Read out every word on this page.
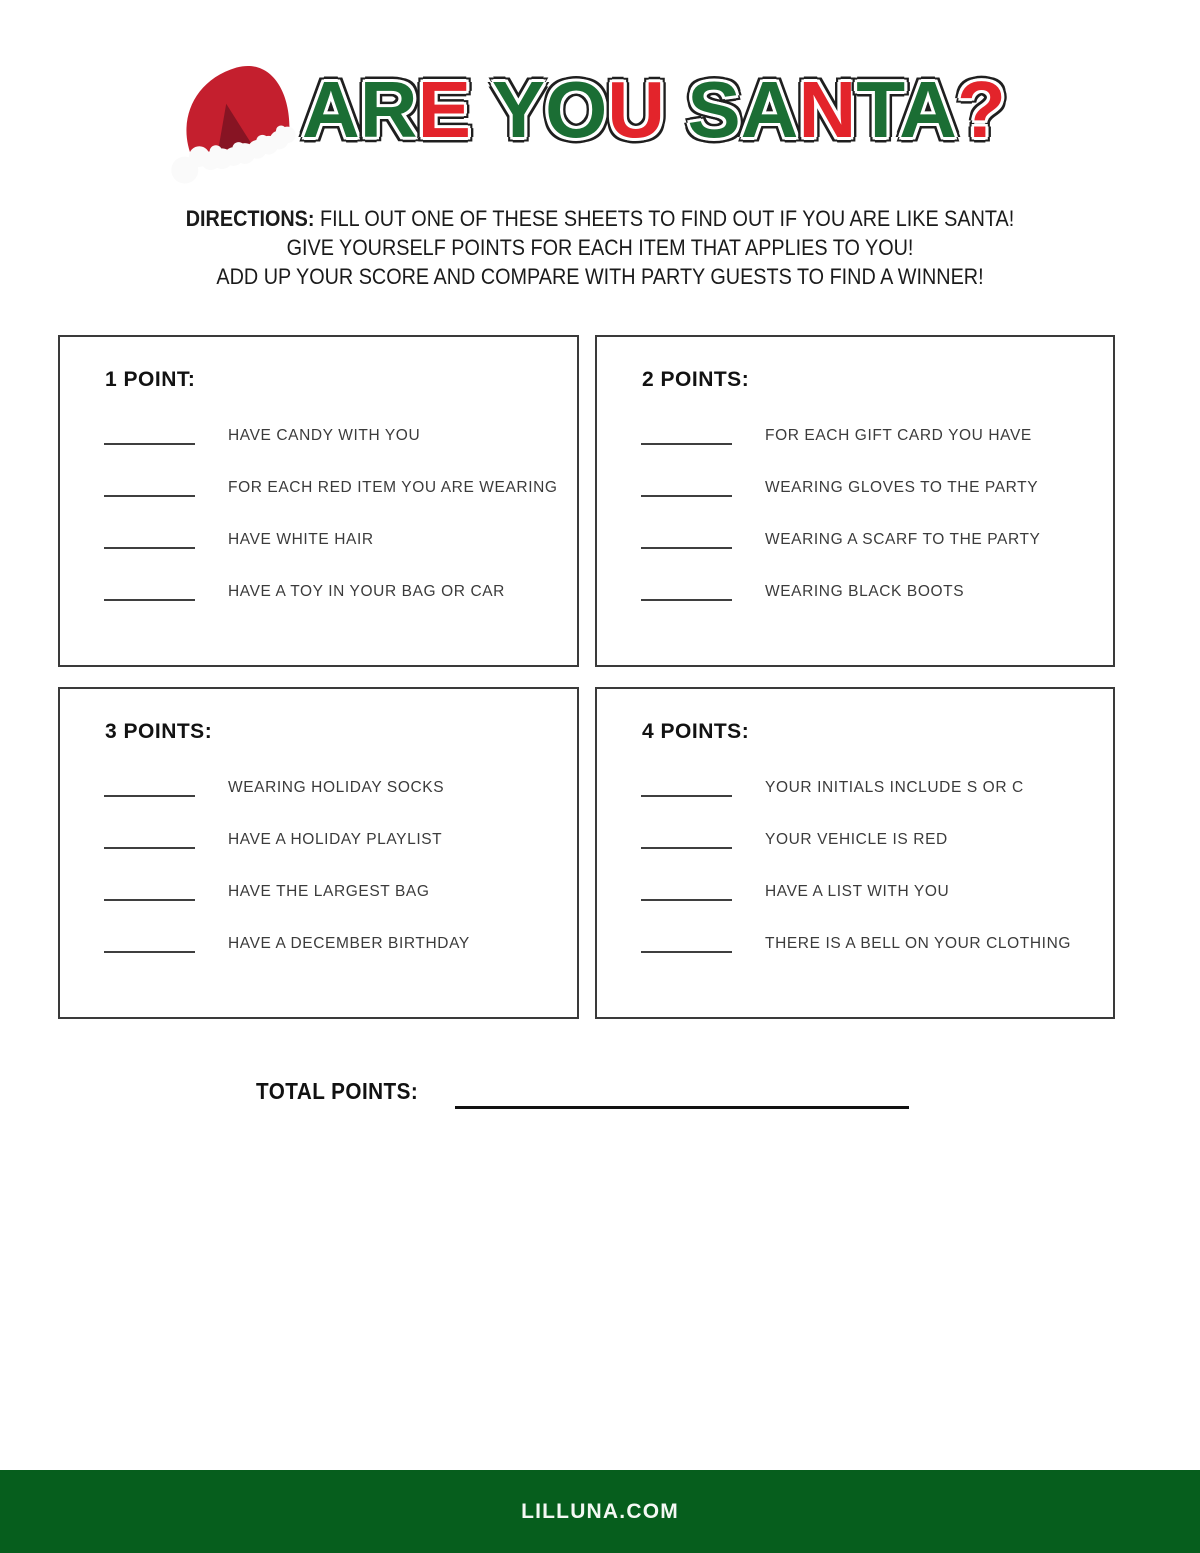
ARE YOU SANTA?
DIRECTIONS: FILL OUT ONE OF THESE SHEETS TO FIND OUT IF YOU ARE LIKE SANTA!
GIVE YOURSELF POINTS FOR EACH ITEM THAT APPLIES TO YOU!
ADD UP YOUR SCORE AND COMPARE WITH PARTY GUESTS TO FIND A WINNER!
1 POINT:
HAVE CANDY WITH YOU
FOR EACH RED ITEM YOU ARE WEARING
HAVE WHITE HAIR
HAVE A TOY IN YOUR BAG OR CAR
2 POINTS:
FOR EACH GIFT CARD YOU HAVE
WEARING GLOVES TO THE PARTY
WEARING A SCARF TO THE PARTY
WEARING BLACK BOOTS
3 POINTS:
WEARING HOLIDAY SOCKS
HAVE A HOLIDAY PLAYLIST
HAVE THE LARGEST BAG
HAVE A DECEMBER BIRTHDAY
4 POINTS:
YOUR INITIALS INCLUDE S OR C
YOUR VEHICLE IS RED
HAVE A LIST WITH YOU
THERE IS A BELL ON YOUR CLOTHING
TOTAL POINTS:
LILLUNA.COM
